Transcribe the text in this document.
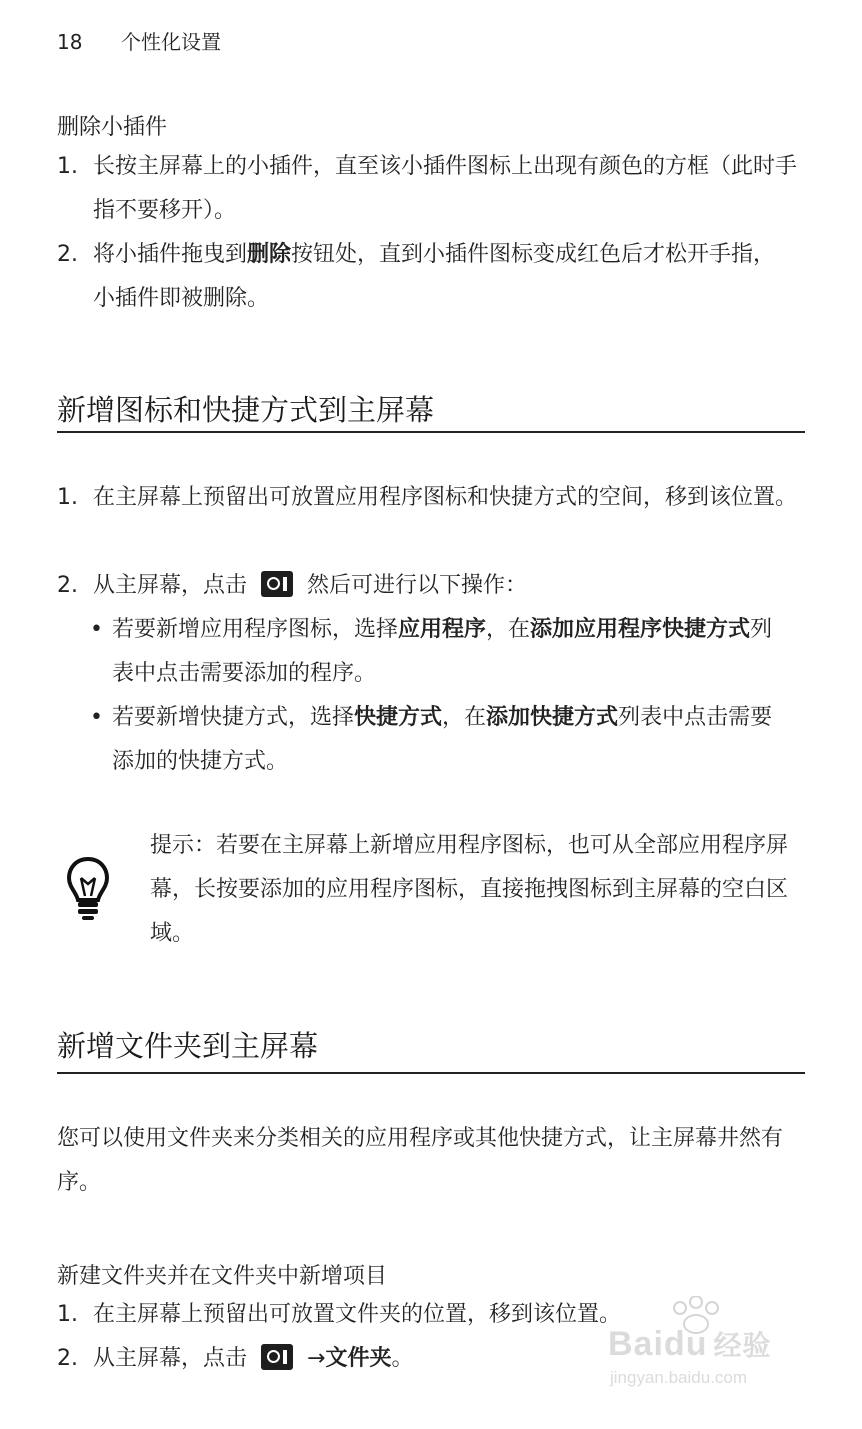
18 个性化设置
删除小插件
1. 长按主屏幕上的小插件，直至该小插件图标上出现有颜色的方框（此时手指不要移开）。
2. 将小插件拖曳到删除按钮处，直到小插件图标变成红色后才松开手指，小插件即被删除。
新增图标和快捷方式到主屏幕
1. 在主屏幕上预留出可放置应用程序图标和快捷方式的空间，移到该位置。
2. 从主屏幕，点击	然后可进行以下操作：
• 若要新增应用程序图标，选择应用程序，在添加应用程序快捷方式列表中点击需要添加的程序。
• 若要新增快捷方式，选择快捷方式，在添加快捷方式列表中点击需要添加的快捷方式。
提示：若要在主屏幕上新增应用程序图标，也可从全部应用程序屏幕，长按要添加的应用程序图标，直接拖拽图标到主屏幕的空白区域。
新增文件夹到主屏幕
您可以使用文件夹来分类相关的应用程序或其他快捷方式，让主屏幕井然有序。
新建文件夹并在文件夹中新增项目
1. 在主屏幕上预留出可放置文件夹的位置，移到该位置。
2. 从主屏幕，点击	→文件夹。	Baidu 经验
jingyan.baidu.com
